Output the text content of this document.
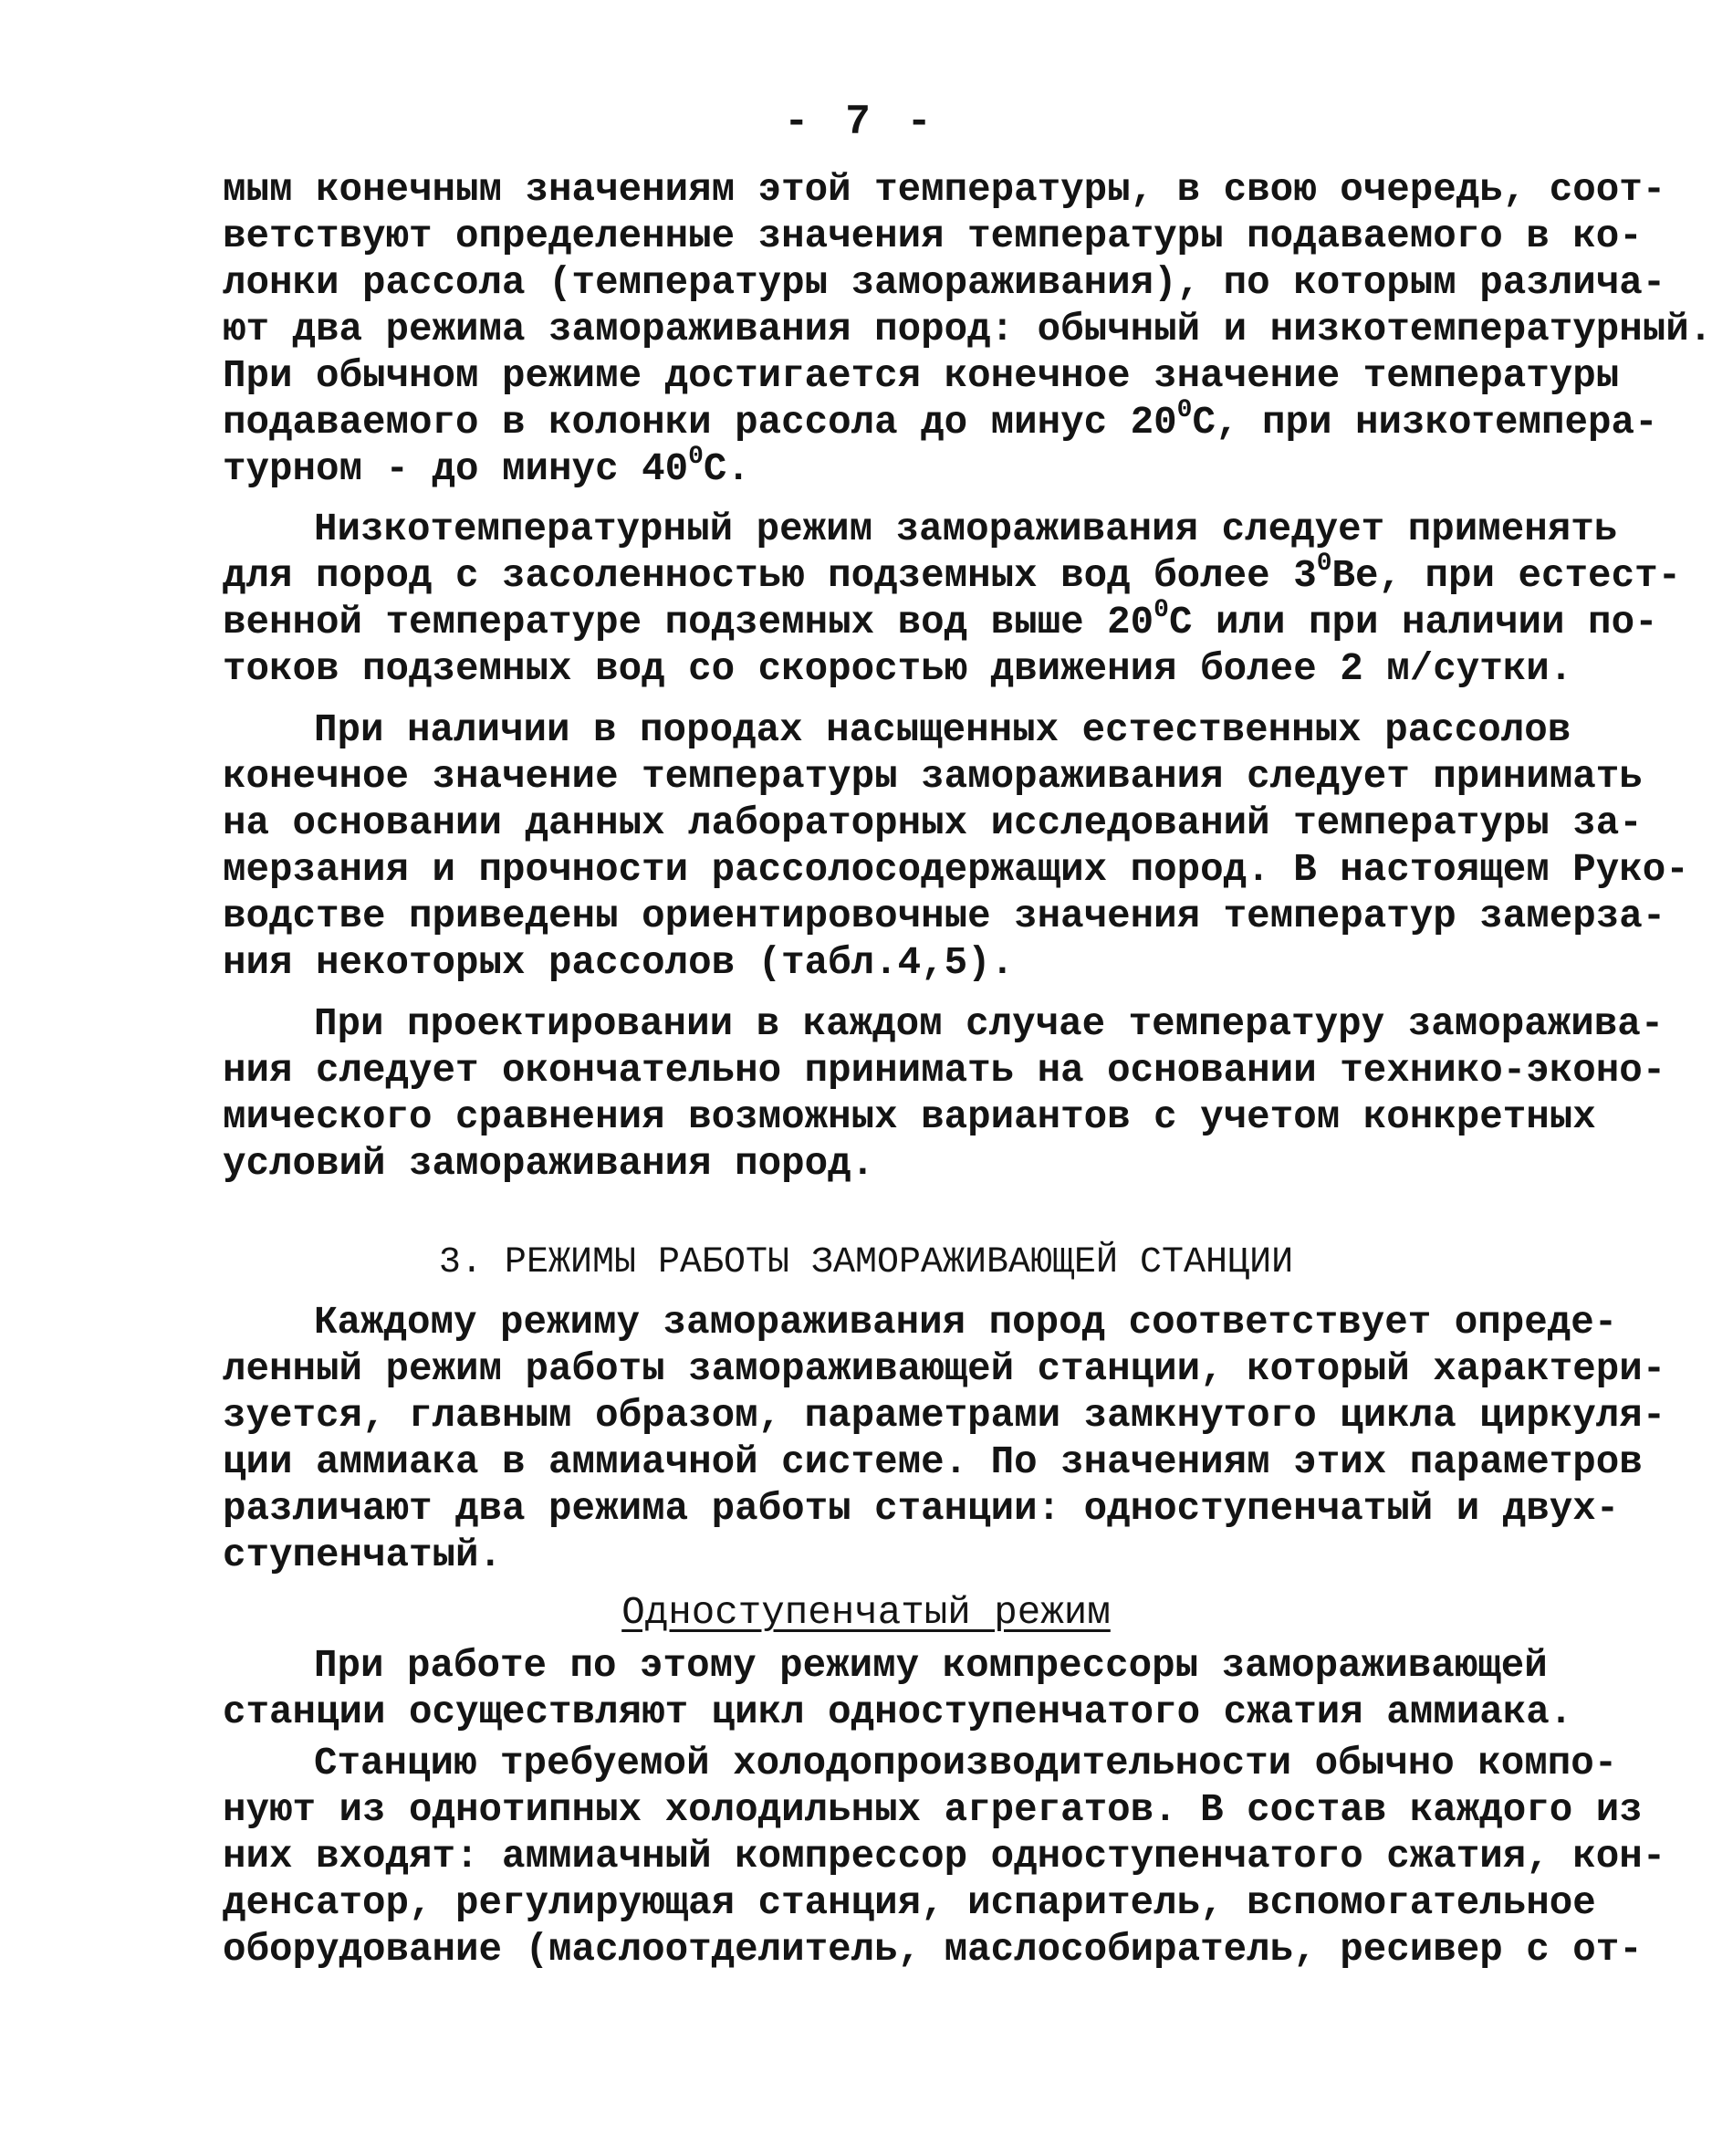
- 7 -
мым конечным значениям этой температуры, в свою очередь, соот-
ветствуют определенные значения температуры подаваемого в ко-
лонки рассола (температуры замораживания), по которым различа-
ют два режима замораживания пород: обычный и низкотемпературный.
При обычном режиме достигается конечное значение температуры
подаваемого в колонки рассола до минус $20^0С$, при низкотемпера-
турном - до минус $40^0С$.
Низкотемпературный режим замораживания следует применять
для пород с засоленностью подземных вод более $3^0Ве$, при естест-
венной температуре подземных вод выше $20^0С$ или при наличии по-
токов подземных вод со скоростью движения более 2 м/сутки.
При наличии в породах насыщенных естественных рассолов
конечное значение температуры замораживания следует принимать
на основании данных лабораторных исследований температуры за-
мерзания и прочности рассолосодержащих пород. В настоящем Руко-
водстве приведены ориентировочные значения температур замерза-
ния некоторых рассолов (табл.4,5).
При проектировании в каждом случае температуру заморажива-
ния следует окончательно принимать на основании технико-эконо-
мического сравнения возможных вариантов с учетом конкретных
условий замораживания пород.
3. РЕЖИМЫ РАБОТЫ ЗАМОРАЖИВАЮЩЕЙ СТАНЦИИ
Каждому режиму замораживания пород соответствует опреде-
ленный режим работы замораживающей станции, который характери-
зуется, главным образом, параметрами замкнутого цикла циркуля-
ции аммиака в аммиачной системе. По значениям этих параметров
различают два режима работы станции: одноступенчатый и двух-
ступенчатый.
Одноступенчатый режим
При работе по этому режиму компрессоры замораживающей
станции осуществляют цикл одноступенчатого сжатия аммиака.
Станцию требуемой холодопроизводительности обычно компо-
нуют из однотипных холодильных агрегатов. В состав каждого из
них входят: аммиачный компрессор одноступенчатого сжатия, кон-
денсатор, регулирующая станция, испаритель, вспомогательное
оборудование (маслоотделитель, маслособиратель, ресивер с от-
